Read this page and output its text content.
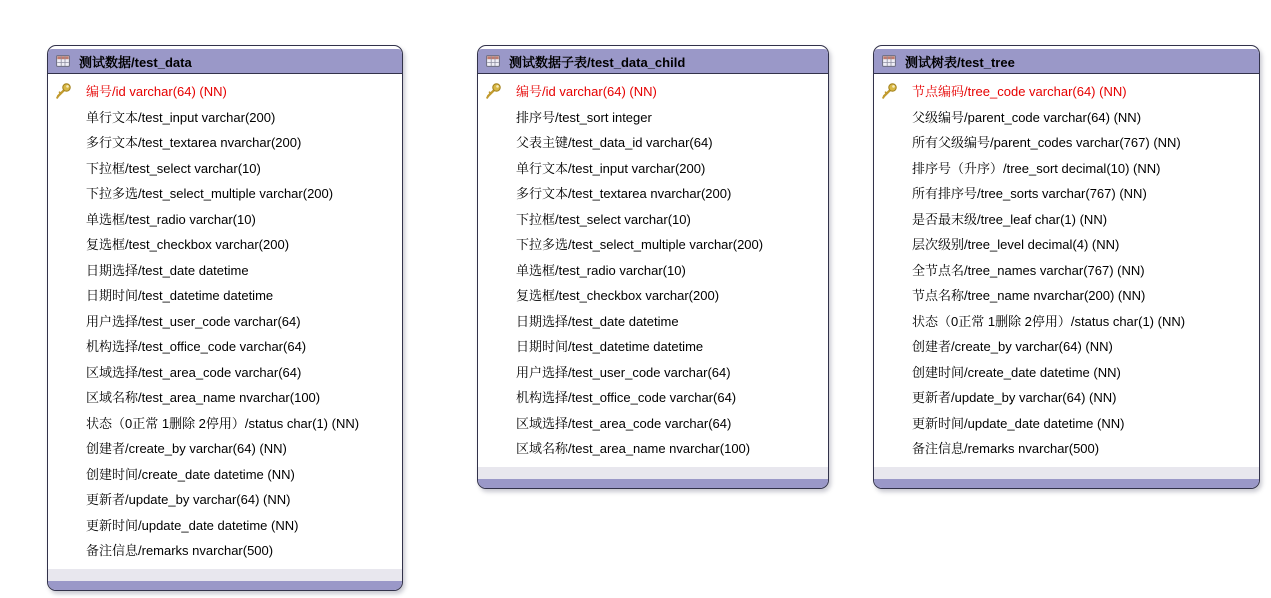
测试数据/test_data
编号/id varchar(64) (NN)
单行文本/test_input varchar(200)
多行文本/test_textarea nvarchar(200)
下拉框/test_select varchar(10)
下拉多选/test_select_multiple varchar(200)
单选框/test_radio varchar(10)
复选框/test_checkbox varchar(200)
日期选择/test_date datetime
日期时间/test_datetime datetime
用户选择/test_user_code varchar(64)
机构选择/test_office_code varchar(64)
区域选择/test_area_code varchar(64)
区域名称/test_area_name nvarchar(100)
状态（0正常 1删除 2停用）/status char(1) (NN)
创建者/create_by varchar(64) (NN)
创建时间/create_date datetime (NN)
更新者/update_by varchar(64) (NN)
更新时间/update_date datetime (NN)
备注信息/remarks nvarchar(500)
测试数据子表/test_data_child
编号/id varchar(64) (NN)
排序号/test_sort integer
父表主键/test_data_id varchar(64)
单行文本/test_input varchar(200)
多行文本/test_textarea nvarchar(200)
下拉框/test_select varchar(10)
下拉多选/test_select_multiple varchar(200)
单选框/test_radio varchar(10)
复选框/test_checkbox varchar(200)
日期选择/test_date datetime
日期时间/test_datetime datetime
用户选择/test_user_code varchar(64)
机构选择/test_office_code varchar(64)
区域选择/test_area_code varchar(64)
区域名称/test_area_name nvarchar(100)
测试树表/test_tree
节点编码/tree_code varchar(64) (NN)
父级编号/parent_code varchar(64) (NN)
所有父级编号/parent_codes varchar(767) (NN)
排序号（升序）/tree_sort decimal(10) (NN)
所有排序号/tree_sorts varchar(767) (NN)
是否最末级/tree_leaf char(1) (NN)
层次级别/tree_level decimal(4) (NN)
全节点名/tree_names varchar(767) (NN)
节点名称/tree_name nvarchar(200) (NN)
状态（0正常 1删除 2停用）/status char(1) (NN)
创建者/create_by varchar(64) (NN)
创建时间/create_date datetime (NN)
更新者/update_by varchar(64) (NN)
更新时间/update_date datetime (NN)
备注信息/remarks nvarchar(500)
